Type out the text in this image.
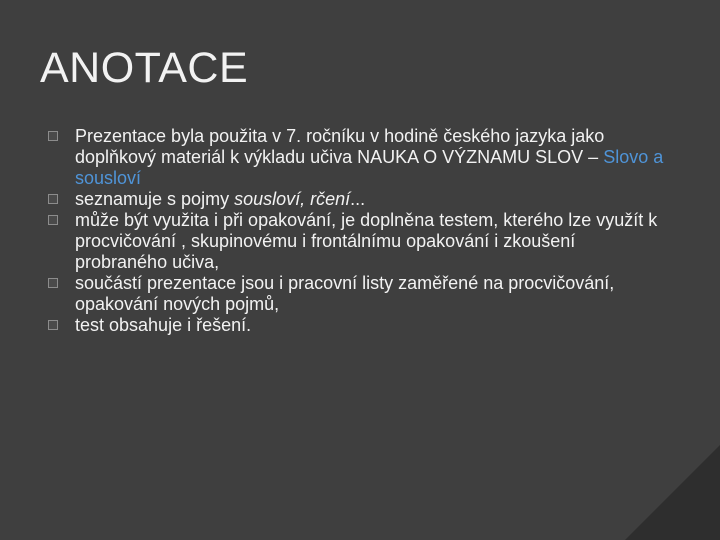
ANOTACE
Prezentace byla použita v 7. ročníku v hodině českého jazyka jako doplňkový materiál k výkladu učiva NAUKA O VÝZNAMU SLOV – Slovo a sousloví
seznamuje s pojmy sousloví, rčení...
může být využita i při opakování, je doplněna testem, kterého lze využít k procvičování , skupinovému i frontálnímu opakování i zkoušení probraného učiva,
součástí prezentace jsou i pracovní listy zaměřené na procvičování, opakování nových pojmů,
test obsahuje i řešení.
